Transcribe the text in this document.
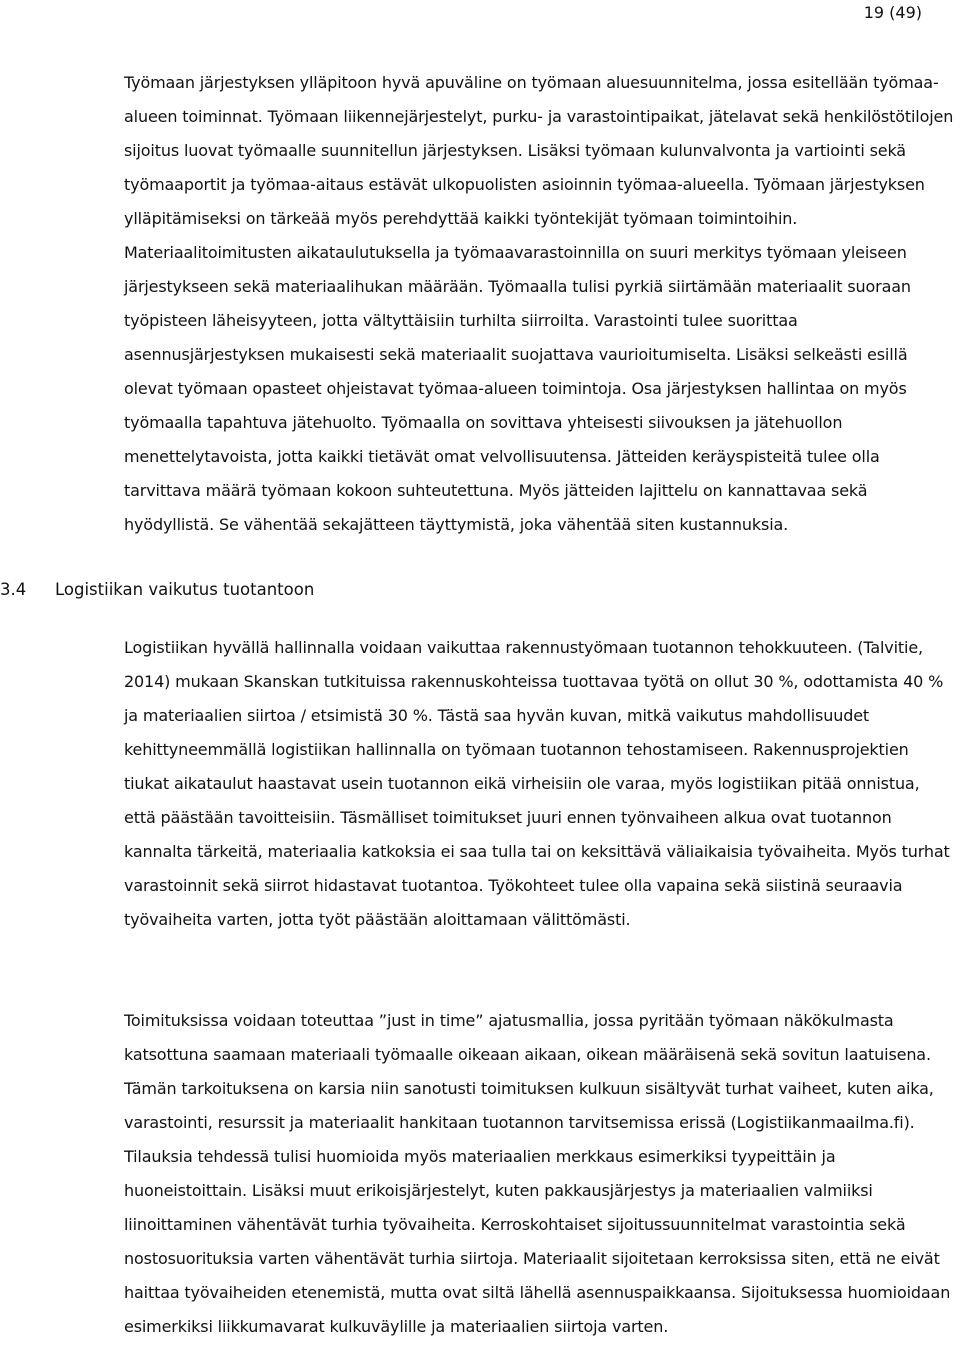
19 (49)

Työmaan järjestyksen ylläpitoon hyvä apuväline on työmaan aluesuunnitelma, jossa esitellään työmaa-alueen toiminnat. Työmaan liikennejärjestelyt, purku- ja varastointipaikat, jätelavat sekä henkilöstötilojen sijoitus luovat työmaalle suunnitellun järjestyksen. Lisäksi työmaan kulunvalvonta ja vartiointi sekä työmaaportit ja työmaa-aitaus estävät ulkopuolisten asioinnin työmaa-alueella. Työmaan järjestyksen ylläpitämiseksi on tärkeää myös perehdyttää kaikki työntekijät työmaan toimintoihin. Materiaalitoimitusten aikataulutuksella ja työmaavarastoinnilla on suuri merkitys työmaan yleiseen järjestykseen sekä materiaalihukan määrään. Työmaalla tulisi pyrkiä siirtämään materiaalit suoraan työpisteen läheisyyteen, jotta vältyttäisiin turhilta siirroilta. Varastointi tulee suorittaa asennusjärjestyksen mukaisesti sekä materiaalit suojattava vaurioitumiselta. Lisäksi selkeästi esillä olevat työmaan opasteet ohjeistavat työmaa-alueen toimintoja. Osa järjestyksen hallintaa on myös työmaalla tapahtuva jätehuolto. Työmaalla on sovittava yhteisesti siivouksen ja jätehuollon menettelytavoista, jotta kaikki tietävät omat velvollisuutensa. Jätteiden keräyspisteitä tulee olla tarvittava määrä työmaan kokoon suhteutettuna. Myös jätteiden lajittelu on kannattavaa sekä hyödyllistä. Se vähentää sekajätteen täyttymistä, joka vähentää siten kustannuksia.

3.4 Logistiikan vaikutus tuotantoon

Logistiikan hyvällä hallinnalla voidaan vaikuttaa rakennustyömaan tuotannon tehokkuuteen. (Talvitie, 2014) mukaan Skanskan tutkituissa rakennuskohteissa tuottavaa työtä on ollut 30 %, odottamista 40 % ja materiaalien siirtoa / etsimistä 30 %. Tästä saa hyvän kuvan, mitkä vaikutus mahdollisuudet kehittyneemmällä logistiikan hallinnalla on työmaan tuotannon tehostamiseen. Rakennusprojektien tiukat aikataulut haastavat usein tuotannon eikä virheisiin ole varaa, myös logistiikan pitää onnistua, että päästään tavoitteisiin. Täsmälliset toimitukset juuri ennen työnvaiheen alkua ovat tuotannon kannalta tärkeitä, materiaalia katkoksia ei saa tulla tai on keksittävä väliaikaisia työvaiheita. Myös turhat varastoinnit sekä siirrot hidastavat tuotantoa. Työkohteet tulee olla vapaina sekä siistinä seuraavia työvaiheita varten, jotta työt päästään aloittamaan välittömästi.

Toimituksissa voidaan toteuttaa ”just in time” ajatusmallia, jossa pyritään työmaan näkökulmasta katsottuna saamaan materiaali työmaalle oikeaan aikaan, oikean määräisenä sekä sovitun laatuisena. Tämän tarkoituksena on karsia niin sanotusti toimituksen kulkuun sisältyvät turhat vaiheet, kuten aika, varastointi, resurssit ja materiaalit hankitaan tuotannon tarvitsemissa erissä (Logistiikanmaailma.fi). Tilauksia tehdessä tulisi huomioida myös materiaalien merkkaus esimerkiksi tyypeittäin ja huoneistoittain. Lisäksi muut erikoisjärjestelyt, kuten pakkausjärjestys ja materiaalien valmiiksi liinoittaminen vähentävät turhia työvaiheita. Kerroskohtaiset sijoitussuunnitelmat varastointia sekä nostosuorituksia varten vähentävät turhia siirtoja. Materiaalit sijoitetaan kerroksissa siten, että ne eivät haittaa työvaiheiden etenemistä, mutta ovat siltä lähellä asennuspaikkaansa. Sijoituksessa huomioidaan esimerkiksi liikkumavarat kulkuväylille ja materiaalien siirtoja varten.
